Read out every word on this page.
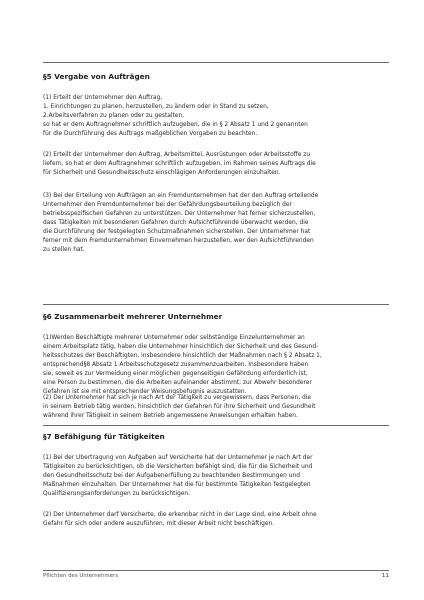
§5 Vergabe von Aufträgen
(1) Erteilt der Unternehmer den Auftrag,
1. Einrichtungen zu planen, herzustellen, zu ändern oder in Stand zu setzen,
2.Arbeitsverfahren zu planen oder zu gestalten,
so hat er dem Auftragnehmer schriftlich aufzugeben, die in § 2 Absatz 1 und 2 genannten
für die Durchführung des Auftrags maßgeblichen Vorgaben zu beachten.
(2) Erteilt der Unternehmer den Auftrag, Arbeitsmittel, Ausrüstungen oder Arbeitsstoffe zu
liefern, so hat er dem Auftragnehmer schriftlich aufzugeben, im Rahmen seines Auftrags die
für Sicherheit und Gesundheitsschutz einschlägigen Anforderungen einzuhalten.
(3) Bei der Erteilung von Aufträgen an ein Fremdunternehmen hat der den Auftrag erteilende
Unternehmer den Fremdunternehmer bei der Gefährdungsbeurteilung bezüglich der
betriebsspezifischen Gefahren zu unterstützen. Der Unternehmer hat ferner sicherzustellen,
dass Tätigkeiten mit besonderen Gefahren durch Aufsichtführende überwacht werden, die
die Durchführung der festgelegten Schutzmaßnahmen sicherstellen. Der Unternehmer hat
ferner mit dem Fremdunternehmen Einvernehmen herzustellen, wer den Aufsichtführenden
zu stellen hat.
§6 Zusammenarbeit mehrerer Unternehmer
(1)Werden Beschäftigte mehrerer Unternehmer oder selbständige Einzelunternehmer an
einem Arbeitsplatz tätig, haben die Unternehmer hinsichtlich der Sicherheit und des Gesund-
heitsschutzes der Beschäftigten, insbesondere hinsichtlich der Maßnahmen nach § 2 Absatz 1,
entsprechend§8 Absatz 1 Arbeitsschutzgesetz zusammenzuarbeiten. Insbesondere haben
sie, soweit es zur Vermeidung einer möglichen gegenseitigen Gefährdung erforderlich ist,
eine Person zu bestimmen, die die Arbeiten aufeinander abstimmt; zur Abwehr besonderer
Gefahren ist sie mit entsprechender Weisungsbefugnis auszustatten.
(2) Der Unternehmer hat sich je nach Art der Tätigkeit zu vergewissern, dass Personen, die
in seinem Betrieb tätig werden, hinsichtlich der Gefahren für ihre Sicherheit und Gesundheit
während ihrer Tätigkeit in seinem Betrieb angemessene Anweisungen erhalten haben.
§7 Befähigung für Tätigkeiten
(1) Bei der Übertragung von Aufgaben auf Versicherte hat der Unternehmer je nach Art der
Tätigkeiten zu berücksichtigen, ob die Versicherten befähigt sind, die für die Sicherheit und
den Gesundheitsschutz bei der Aufgabenerfüllung zu beachtenden Bestimmungen und
Maßnahmen einzuhalten. Der Unternehmer hat die für bestimmte Tätigkeiten festgelegten
Qualifizierungsanforderungen zu berücksichtigen.
(2) Der Unternehmer darf Versicherte, die erkennbar nicht in der Lage sind, eine Arbeit ohne
Gefahr für sich oder andere auszuführen, mit dieser Arbeit nicht beschäftigen.
Pflichten des Unternehmers	11
